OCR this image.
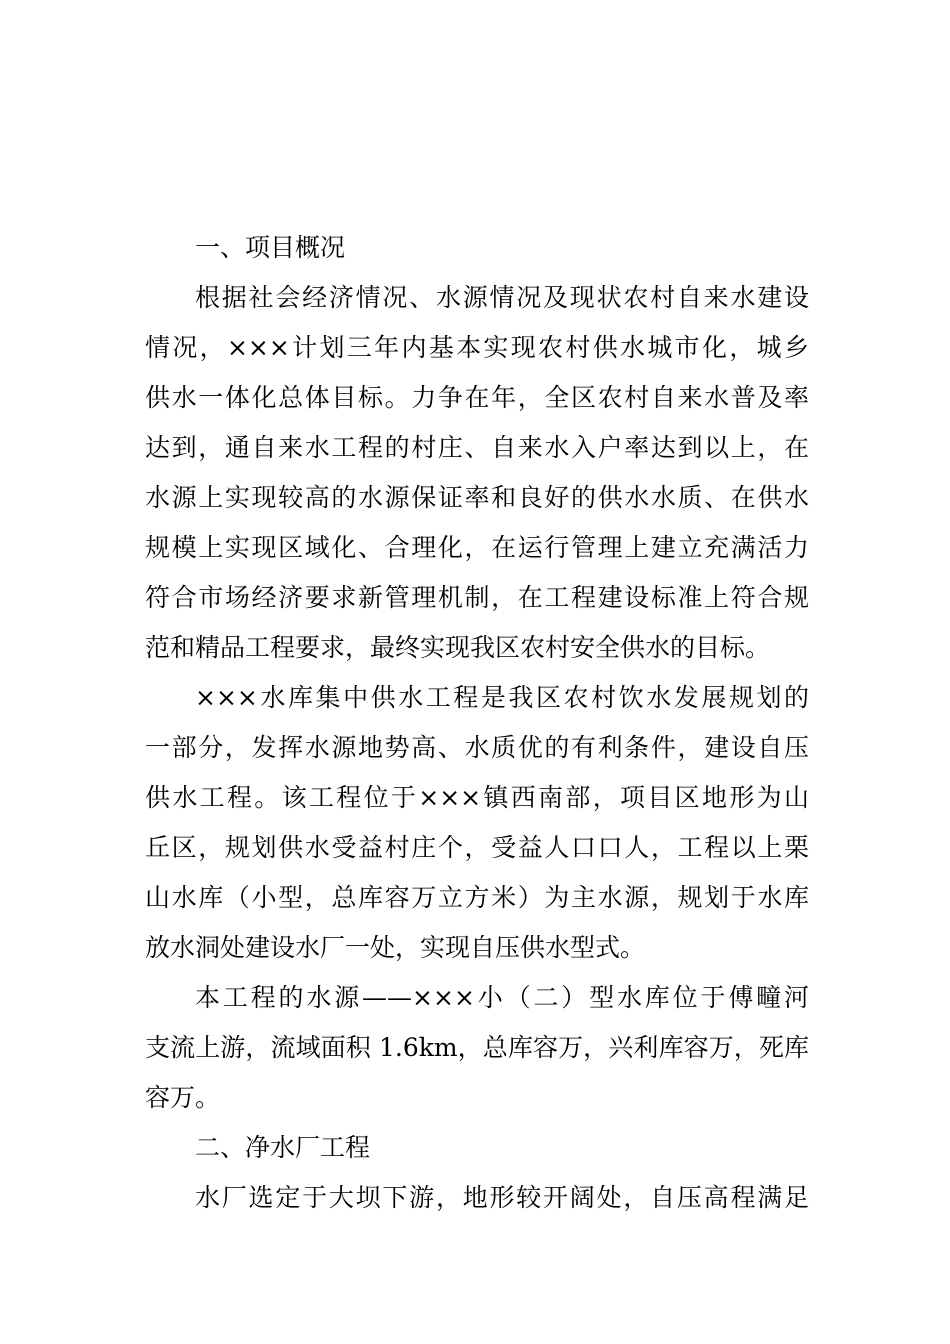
一、项目概况
根据社会经济情况、水源情况及现状农村自来水建设
情况，×××计划三年内基本实现农村供水城市化，城乡
供水一体化总体目标。力争在年，全区农村自来水普及率
达到，通自来水工程的村庄、自来水入户率达到以上，在
水源上实现较高的水源保证率和良好的供水水质、在供水
规模上实现区域化、合理化，在运行管理上建立充满活力
符合市场经济要求新管理机制，在工程建设标准上符合规
范和精品工程要求，最终实现我区农村安全供水的目标。
×××水库集中供水工程是我区农村饮水发展规划的
一部分，发挥水源地势高、水质优的有利条件，建设自压
供水工程。该工程位于×××镇西南部，项目区地形为山
丘区，规划供水受益村庄个，受益人口口人，工程以上栗
山水库（小型，总库容万立方米）为主水源，规划于水库
放水洞处建设水厂一处，实现自压供水型式。
本工程的水源——×××小（二）型水库位于傅疃河
支流上游，流域面积 1.6km，总库容万，兴利库容万，死库
容万。
二、净水厂工程
水厂选定于大坝下游，地形较开阔处，自压高程满足
